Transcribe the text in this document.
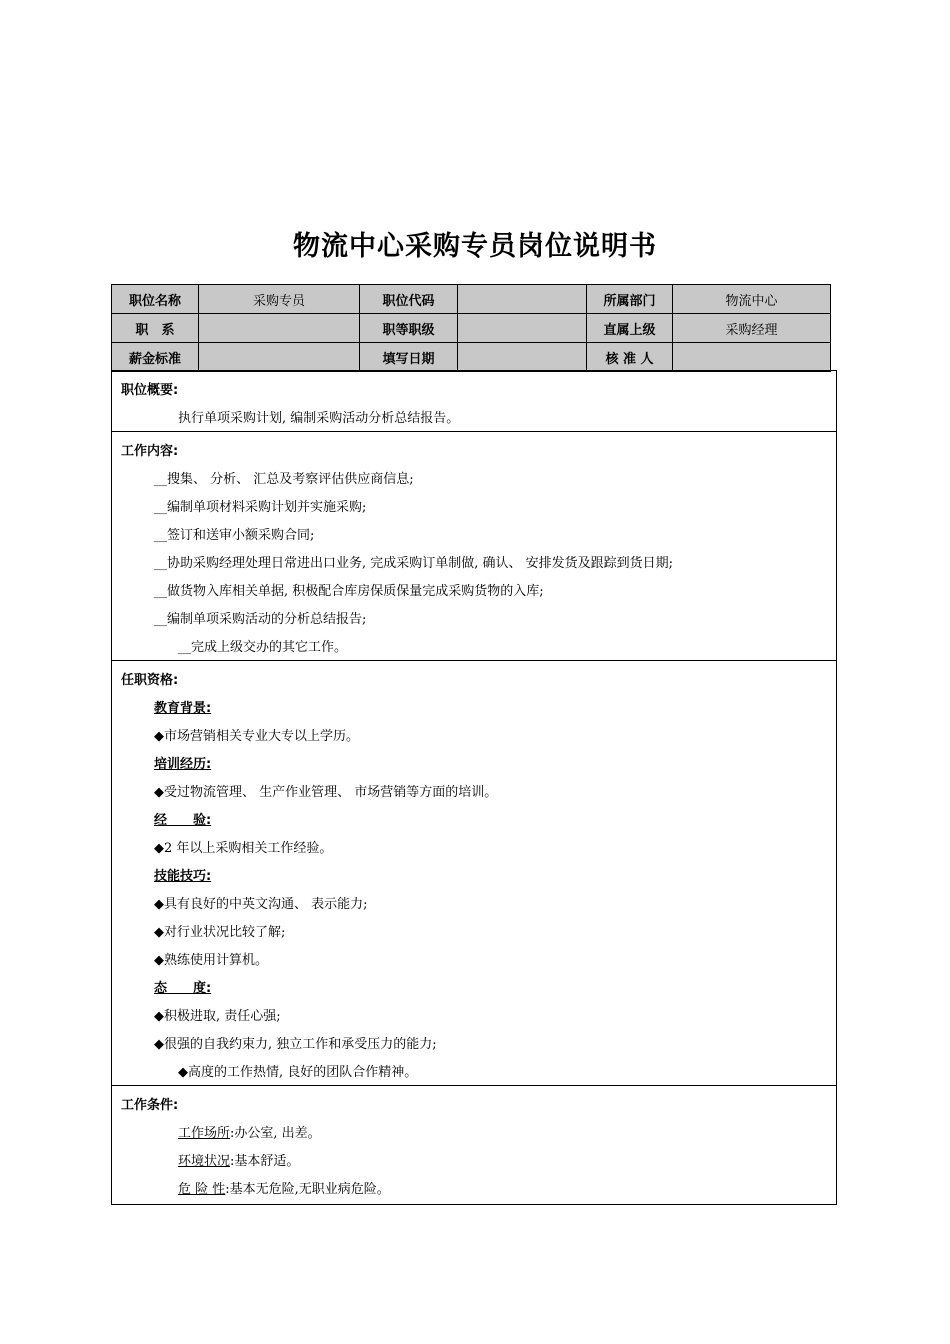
物流中心采购专员岗位说明书
职位名称	采购专员	职位代码		所属部门	物流中心
职　系		职等职级		直属上级	采购经理
薪金标准		填写日期		核 准 人	
职位概要:
执行单项采购计划, 编制采购活动分析总结报告。
工作内容:
__搜集、 分析、 汇总及考察评估供应商信息;
__编制单项材料采购计划并实施采购;
__签订和送审小额采购合同;
__协助采购经理处理日常进出口业务, 完成采购订单制做, 确认、 安排发货及跟踪到货日期;
__做货物入库相关单据, 积极配合库房保质保量完成采购货物的入库;
__编制单项采购活动的分析总结报告;
__完成上级交办的其它工作。
任职资格:
教育背景:
◆市场营销相关专业大专以上学历。
培训经历:
◆受过物流管理、 生产作业管理、 市场营销等方面的培训。
经　　验:
◆2 年以上采购相关工作经验。
技能技巧:
◆具有良好的中英文沟通、 表示能力;
◆对行业状况比较了解;
◆熟练使用计算机。
态　　度:
◆积极进取, 责任心强;
◆很强的自我约束力, 独立工作和承受压力的能力;
◆高度的工作热情, 良好的团队合作精神。
工作条件:
工作场所:办公室, 出差。
环境状况:基本舒适。
危 险 性:基本无危险,无职业病危险。
